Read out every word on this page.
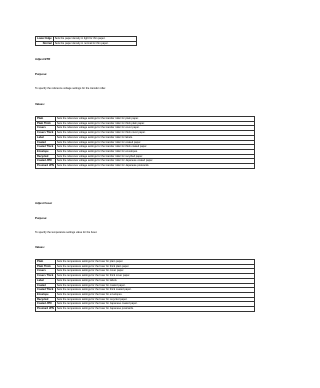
Lower Edge	Sets the paper density in light for thin paper.
Normal	Sets the paper density in normal for thin paper.
Adjust BTR
Purpose:
To specify the reference voltage settings for the transfer roller.
Values:
Plain	Sets the reference voltage settings for the transfer roller for plain paper.
Plain Thick	Sets the reference voltage settings for the transfer roller for thick plain paper.
Covers	Sets the reference voltage settings for the transfer roller for cover paper.
Covers Thick	Sets the reference voltage settings for the transfer roller for thick cover paper.
Label	Sets the reference voltage settings for the transfer roller for labels.
Coated	Sets the reference voltage settings for the transfer roller for coated paper.
Coated Thick	Sets the reference voltage settings for the transfer roller for thick coated paper.
Envelope	Sets the reference voltage settings for the transfer roller for envelopes.
Recycled	Sets the reference voltage settings for the transfer roller for recycled paper.
Coated JPN	Sets the reference voltage settings for the transfer roller for Japanese coated paper.
Postcard JPN	Sets the reference voltage settings for the transfer roller for Japanese postcards.
Adjust Fuser
Purpose:
To specify the temperature settings value for the fuser.
Values:
Plain	Sets the temperature settings for the fuser for plain paper.
Plain Thick	Sets the temperature settings for the fuser for thick plain paper.
Covers	Sets the temperature settings for the fuser for cover paper.
Covers Thick	Sets the temperature settings for the fuser for thick cover paper.
Label	Sets the temperature settings for the fuser for labels.
Coated	Sets the temperature settings for the fuser for coated paper.
Coated Thick	Sets the temperature settings for the fuser for thick coated paper.
Envelope	Sets the temperature settings for the fuser for envelopes.
Recycled	Sets the temperature settings for the fuser for recycled paper.
Coated JPN	Sets the temperature settings for the fuser for Japanese coated paper.
Postcard JPN	Sets the temperature settings for the fuser for Japanese postcards.
